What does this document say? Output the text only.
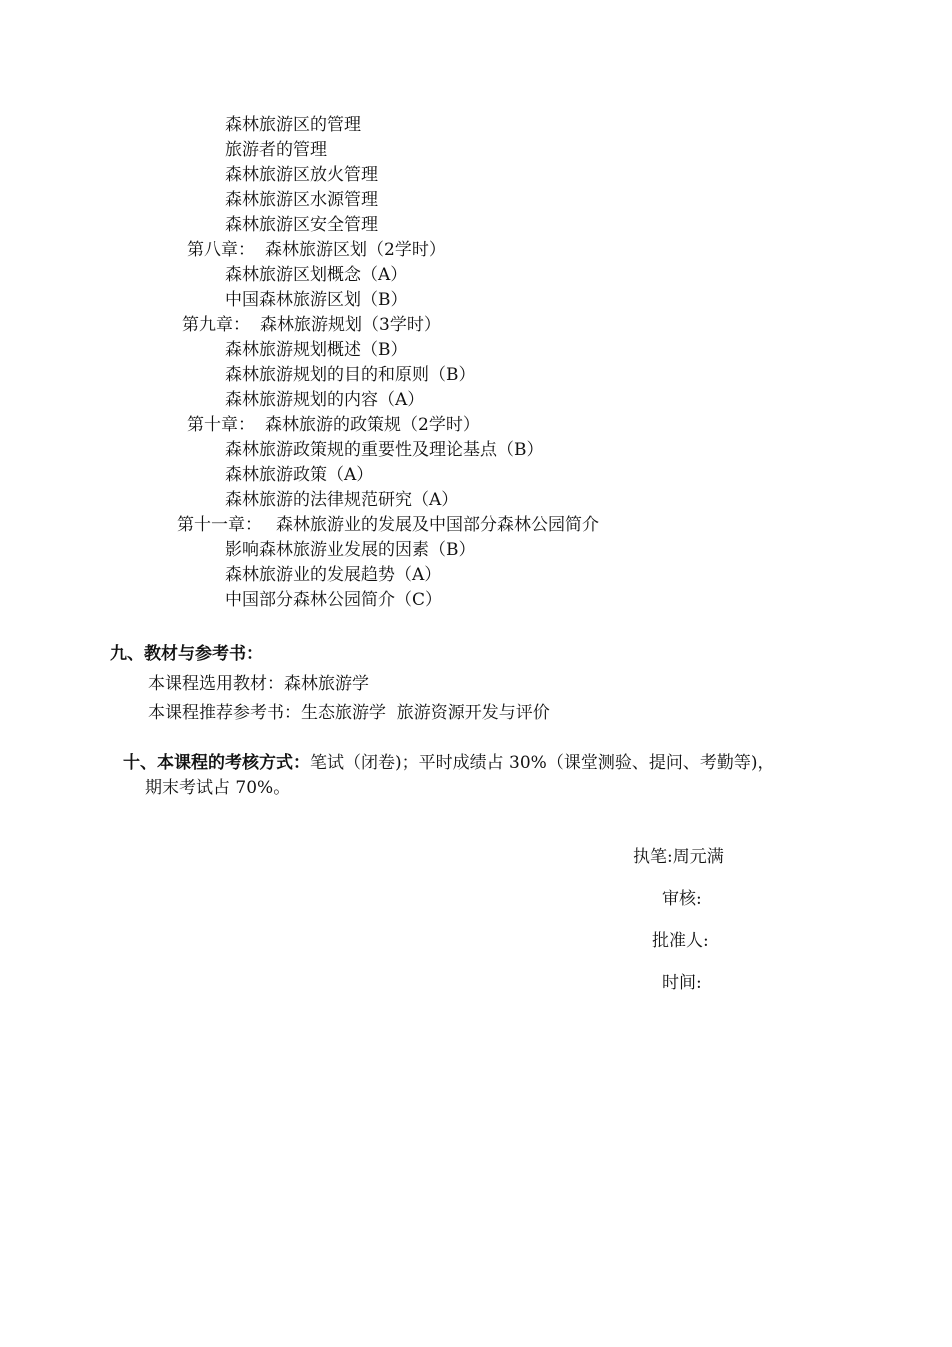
森林旅游区的管理
旅游者的管理
森林旅游区放火管理
森林旅游区水源管理
森林旅游区安全管理
第八章： 森林旅游区划（2学时）
森林旅游区划概念（A）
中国森林旅游区划（B）
第九章： 森林旅游规划（3学时）
森林旅游规划概述（B）
森林旅游规划的目的和原则（B）
森林旅游规划的内容（A）
第十章： 森林旅游的政策规（2学时）
森林旅游政策规的重要性及理论基点（B）
森林旅游政策（A）
森林旅游的法律规范研究（A）
第十一章： 森林旅游业的发展及中国部分森林公园简介
影响森林旅游业发展的因素（B）
森林旅游业的发展趋势（A）
中国部分森林公园简介（C）
九、教材与参考书：
本课程选用教材：森林旅游学
本课程推荐参考书：生态旅游学  旅游资源开发与评价
十、本课程的考核方式：笔试（闭卷)；平时成绩占 30%（课堂测验、提问、考勤等)，
期末考试占 70%。
执笔:周元满
审核:
批准人:
时间:
